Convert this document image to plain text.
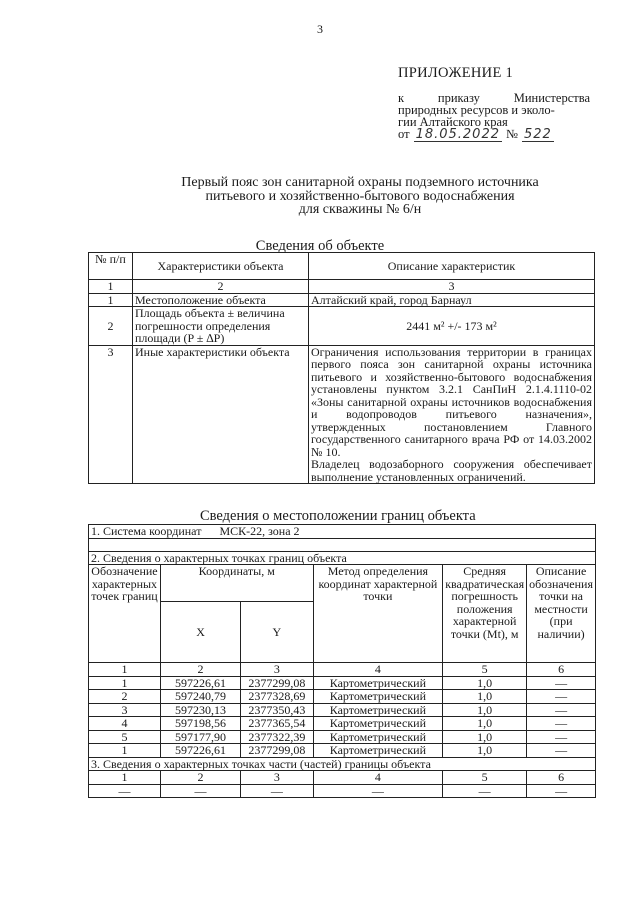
3
ПРИЛОЖЕНИЕ 1
к	приказу	Министерства
природных ресурсов и эколо-
гии Алтайского края
от 18.05.2022 № 522
Первый пояс зон санитарной охраны подземного источника
питьевого и хозяйственно-бытового водоснабжения
для скважины № 6/н
Сведения об объекте
№ п/п	Характеристики объекта	Описание характеристик
1	2	3
1	Местоположение объекта	Алтайский край, город Барнаул
2	Площадь объекта ± величина погрешности определения площади (P ± ∆P)	2441 м² +/- 173 м²
3	Иные характеристики объекта	Ограничения использования территории в границах первого пояса зон санитарной охраны источника питьевого и хозяйственно-бытового водоснабжения установлены пунктом 3.2.1 СанПиН 2.1.4.1110-02 «Зоны санитарной охраны источников водоснабжения и водопроводов питьевого назначения», утвержденных постановлением Главного государственного санитарного врача РФ от 14.03.2002 № 10.
Владелец водозаборного сооружения обеспечивает выполнение установленных ограничений.
Сведения о местоположении границ объекта
1. Система координат МСК-22, зона 2					

2. Сведения о характерных точках границ объекта					
Обозначение характерных точек границ	Координаты, м		Метод определения координат характерной точки	Средняя квадратическая погрешность положения характерной точки (Mt), м	Описание обозначения точки на местности (при наличии)
	X	Y			
1	2	3	4	5	6
1	597226,61	2377299,08	Картометрический	1,0	—
2	597240,79	2377328,69	Картометрический	1,0	—
3	597230,13	2377350,43	Картометрический	1,0	—
4	597198,56	2377365,54	Картометрический	1,0	—
5	597177,90	2377322,39	Картометрический	1,0	—
1	597226,61	2377299,08	Картометрический	1,0	—
3. Сведения о характерных точках части (частей) границы объекта					
1	2	3	4	5	6
—	—	—	—	—	—
